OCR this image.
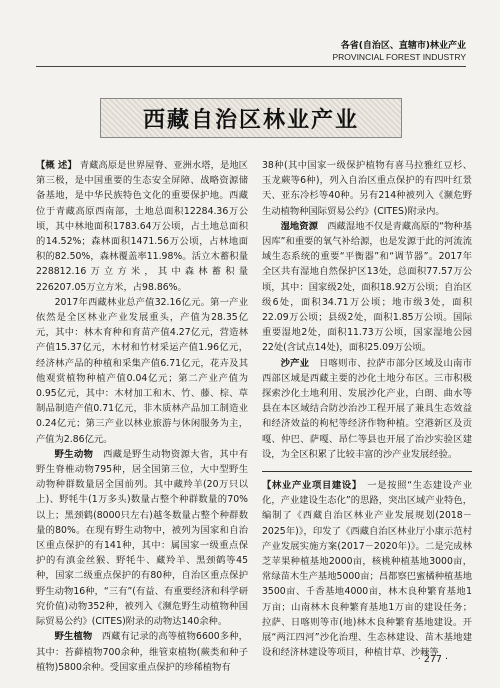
各省(自治区、直辖市)林业产业
PROVINCIAL FOREST INDUSTRY
西藏自治区林业产业

【概 述】 青藏高原是世界屋脊、亚洲水塔，是地区第三极，是中国重要的生态安全屏障、战略资源储备基地，是中华民族特色文化的重要保护地。西藏位于青藏高原西南部，土地总面积12284.36万公顷，其中林地面积1783.64万公顷，占土地总面积的14.52%；森林面积1471.56万公顷，占林地面积的82.50%，森林覆盖率11.98%。活立木蓄积量228812.16万立方米，其中森林蓄积量226207.05万立方米，占98.86%。

2017年西藏林业总产值32.16亿元。第一产业依然是全区林业产业发展重头，产值为28.35亿元，其中：林木育种和育苗产值4.27亿元，营造林产值15.37亿元，木材和竹材采运产值1.96亿元，经济林产品的种植和采集产值6.71亿元，花卉及其他观赏植物种植产值0.04亿元；第二产业产值为0.95亿元，其中：木材加工和木、竹、藤、棕、草制品制造产值0.71亿元，非木质林产品加工制造业0.24亿元；第三产业以林业旅游与休闲服务为主，产值为2.86亿元。

野生动物　 西藏是野生动物资源大省，其中有野生脊椎动物795种，居全国第三位，大中型野生动物种群数量居全国前列。其中藏羚羊(20万只以上)、野牦牛(1万多头)数量占整个种群数量的70%以上；黑颈鹤(8000只左右)越冬数量占整个种群数量的80%。在现有野生动物中，被列为国家和自治区重点保护的有141种，其中：属国家一级重点保护的有滇金丝猴、野牦牛、藏羚羊、黑颈鹤等45种，国家二级重点保护的有80种，自治区重点保护野生动物16种，“三有”(有益、有重要经济和科学研究价值)动物352种，被列入《濒危野生动植物种国际贸易公约》(CITES)附录的动物达140余种。

野生植物　 西藏有记录的高等植物6600多种，其中：苔藓植物700余种，维管束植物(蕨类和种子植物)5800余种。受国家重点保护的珍稀植物有

38种(其中国家一级保护植物有喜马拉雅红豆杉、玉龙蕨等6种)，列入自治区重点保护的有四叶红景天、亚东冷杉等40种。另有214种被列入《濒危野生动植物种国际贸易公约》(CITES)附录内。

湿地资源　 西藏湿地不仅是青藏高原的“物种基因库”和重要的氧气补给源，也是发源于此的河流流域生态系统的重要“平衡器”和“调节器”。2017年全区共有湿地自然保护区13处，总面积77.57万公顷，其中：国家级2处，面积18.92万公顷；自治区级6处，面积34.71万公顷；地市级3处，面积22.09万公顷；县级2处，面积1.85万公顷。国际重要湿地2处，面积11.73万公顷，国家湿地公园22处(含试点14处)，面积25.09万公顷。

沙产业　 日喀则市、拉萨市部分区域及山南市西部区域是西藏主要的沙化土地分布区。三市积极探索沙化土地利用、发展沙化产业，白朗、曲水等县在本区域结合防沙治沙工程开展了兼具生态效益和经济效益的枸杞等经济作物种植。空港新区及贡嘎、仲巴、萨嘎、昂仁等县也开展了治沙实验区建设，为全区积累了比较丰富的沙产业发展经验。

【林业产业项目建设】　 一是按照“生态建设产业化，产业建设生态化”的思路，突出区域产业特色，编制了《西藏自治区林业产业发展规划(2018－2025年)》，印发了《西藏自治区林业厅小康示范村产业发展实施方案(2017－2020年)》。二是完成林芝苹果种植基地2000亩，核桃种植基地3000亩，常绿苗木生产基地5000亩；昌都察巴蜜橘种植基地3500亩、千香基地4000亩，林木良种繁育基地1万亩；山南林木良种繁育基地1万亩的建设任务；拉萨、日喀则等市(地)林木良种繁育基地建设。开展“两江四河”沙化治理、生态林建设、苗木基地建设和经济林建设等项目，种植甘草、沙棘等

· 277 ·
